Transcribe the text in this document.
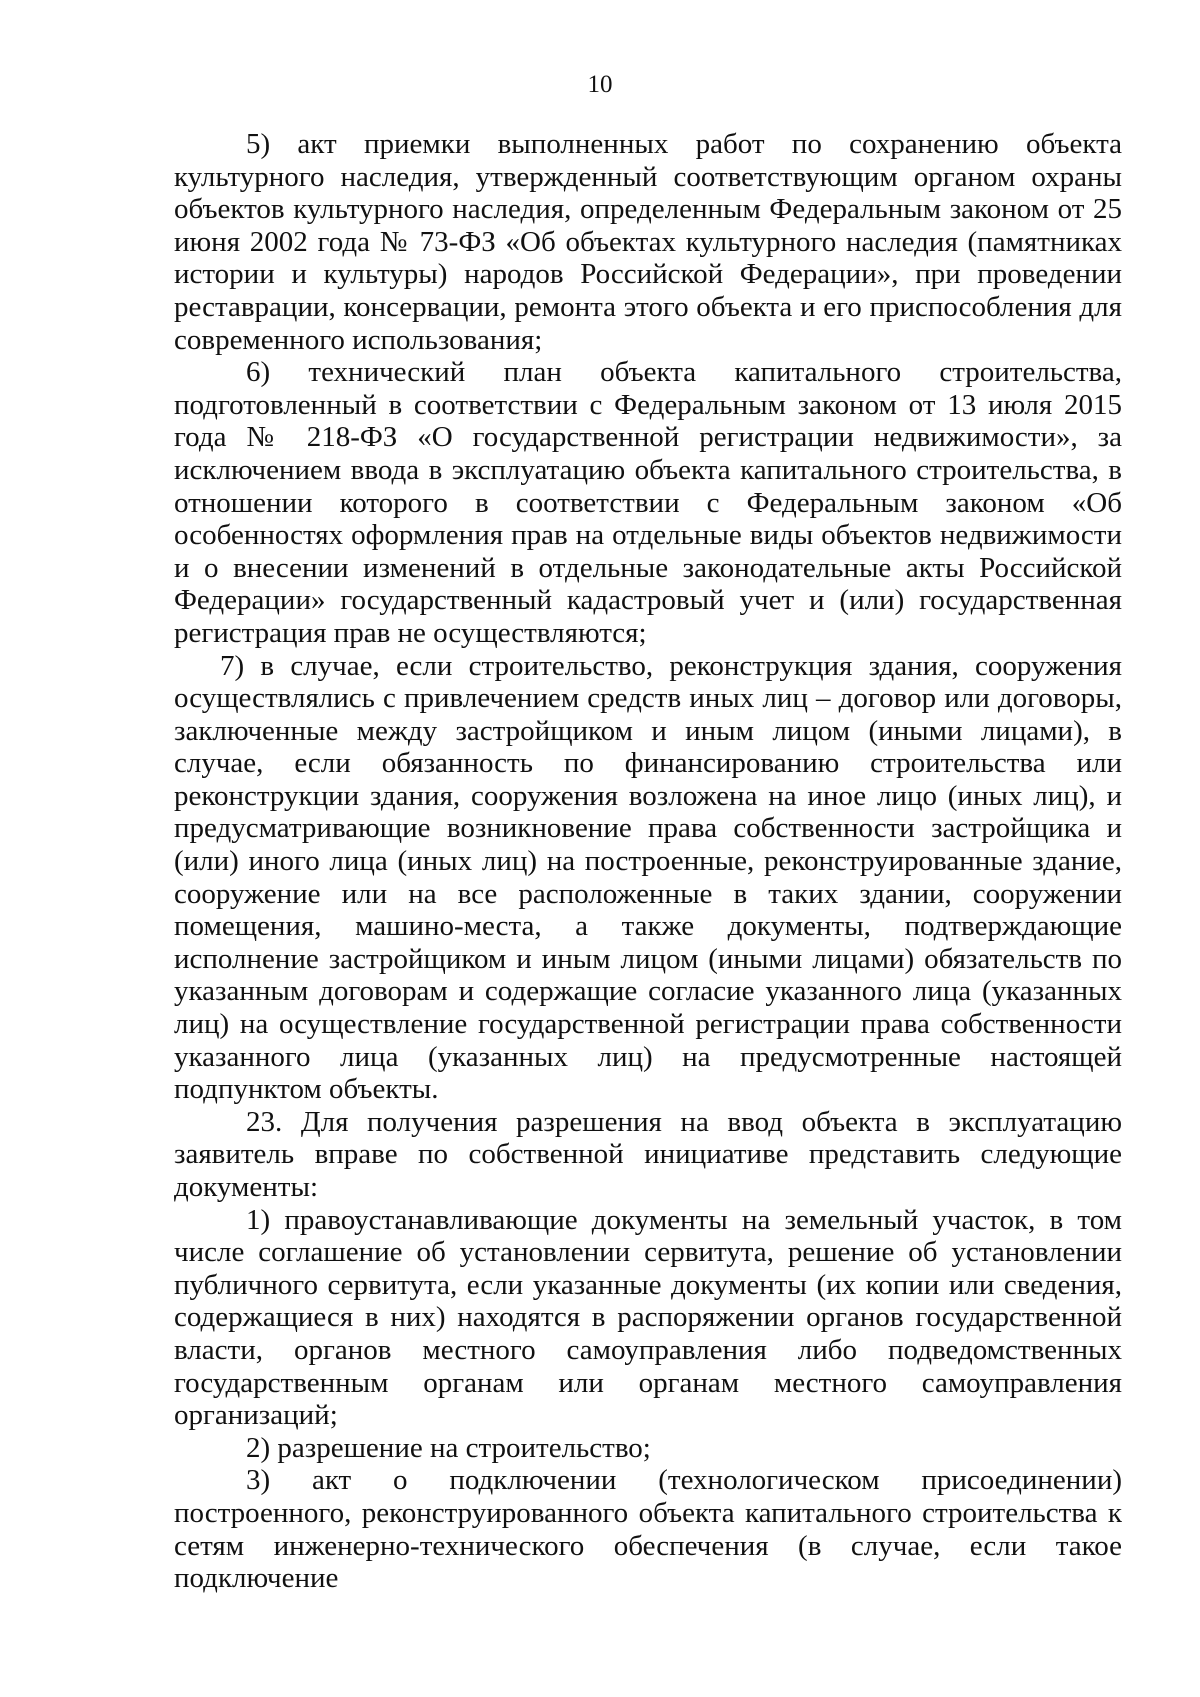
10

5) акт приемки выполненных работ по сохранению объекта культурного наследия, утвержденный соответствующим органом охраны объектов культурного наследия, определенным Федеральным законом от 25 июня 2002 года № 73-ФЗ «Об объектах культурного наследия (памятниках истории и культуры) народов Российской Федерации», при проведении реставрации, консервации, ремонта этого объекта и его приспособления для современного использования;

6) технический план объекта капитального строительства, подготовленный в соответствии с Федеральным законом от 13 июля 2015 года № 218-ФЗ «О государственной регистрации недвижимости», за исключением ввода в эксплуатацию объекта капитального строительства, в отношении которого в соответствии с Федеральным законом «Об особенностях оформления прав на отдельные виды объектов недвижимости и о внесении изменений в отдельные законодательные акты Российской Федерации» государственный кадастровый учет и (или) государственная регистрация прав не осуществляются;

7) в случае, если строительство, реконструкция здания, сооружения осуществлялись с привлечением средств иных лиц – договор или договоры, заключенные между застройщиком и иным лицом (иными лицами), в случае, если обязанность по финансированию строительства или реконструкции здания, сооружения возложена на иное лицо (иных лиц), и предусматривающие возникновение права собственности застройщика и (или) иного лица (иных лиц) на построенные, реконструированные здание, сооружение или на все расположенные в таких здании, сооружении помещения, машино-места, а также документы, подтверждающие исполнение застройщиком и иным лицом (иными лицами) обязательств по указанным договорам и содержащие согласие указанного лица (указанных лиц) на осуществление государственной регистрации права собственности указанного лица (указанных лиц) на предусмотренные настоящей подпунктом объекты.

23. Для получения разрешения на ввод объекта в эксплуатацию заявитель вправе по собственной инициативе представить следующие документы:

1) правоустанавливающие документы на земельный участок, в том числе соглашение об установлении сервитута, решение об установлении публичного сервитута, если указанные документы (их копии или сведения, содержащиеся в них) находятся в распоряжении органов государственной власти, органов местного самоуправления либо подведомственных государственным органам или органам местного самоуправления организаций;

2) разрешение на строительство;

3) акт о подключении (технологическом присоединении) построенного, реконструированного объекта капитального строительства к сетям инженерно-технического обеспечения (в случае, если такое подключение
